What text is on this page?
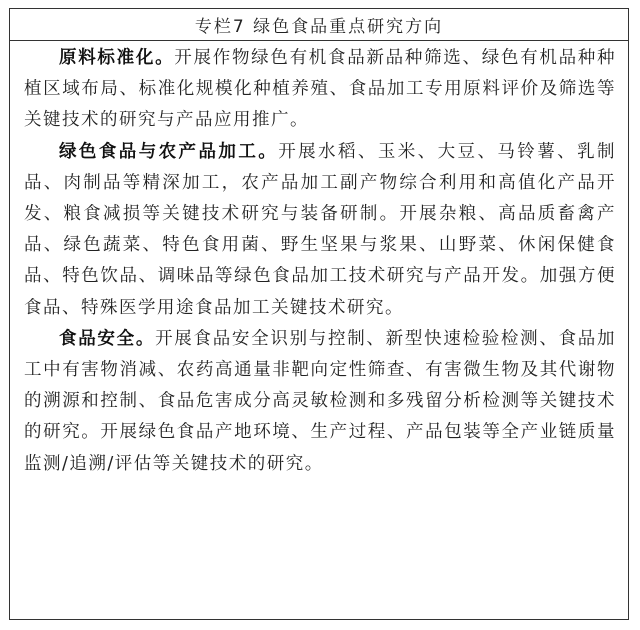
专栏7 绿色食品重点研究方向

原料标准化。开展作物绿色有机食品新品种筛选、绿色有机品种种植区域布局、标准化规模化种植养殖、食品加工专用原料评价及筛选等关键技术的研究与产品应用推广。

绿色食品与农产品加工。开展水稻、玉米、大豆、马铃薯、乳制品、肉制品等精深加工，农产品加工副产物综合利用和高值化产品开发、粮食减损等关键技术研究与装备研制。开展杂粮、高品质畜禽产品、绿色蔬菜、特色食用菌、野生坚果与浆果、山野菜、休闲保健食品、特色饮品、调味品等绿色食品加工技术研究与产品开发。加强方便食品、特殊医学用途食品加工关键技术研究。

食品安全。开展食品安全识别与控制、新型快速检验检测、食品加工中有害物消减、农药高通量非靶向定性筛查、有害微生物及其代谢物的溯源和控制、食品危害成分高灵敏检测和多残留分析检测等关键技术的研究。开展绿色食品产地环境、生产过程、产品包装等全产业链质量监测/追溯/评估等关键技术的研究。
